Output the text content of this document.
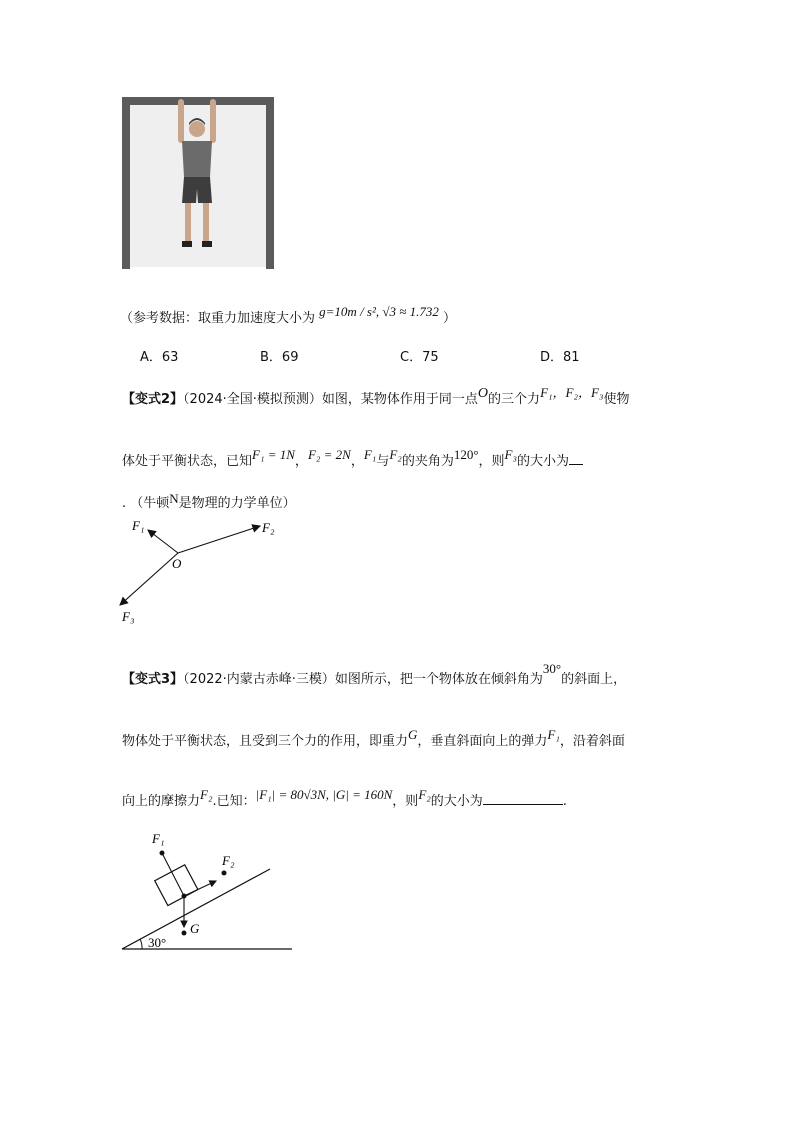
（参考数据：取重力加速度大小为 g=10m / s², √3 ≈ 1.732 ）
A．63	B．69	C．75	D．81
【变式2】（2024·全国·模拟预测）如图，某物体作用于同一点O的三个力F₁，F₂，F₃使物
体处于平衡状态，已知F₁ = 1N，F₂ = 2N，F₁与F₂的夹角为120°，则F₃的大小为
. （牛顿N是物理的力学单位）
F₁	F₂
F₃
O
【变式3】（2022·内蒙古赤峰·三模）如图所示，把一个物体放在倾斜角为30°的斜面上，
物体处于平衡状态，且受到三个力的作用，即重力G，垂直斜面向上的弹力F₁，沿着斜面
向上的摩擦力F₂.已知：|F₁| = 80√3N, |G| = 160N，则F₂的大小为	.
30°
F₁
F₂
G
